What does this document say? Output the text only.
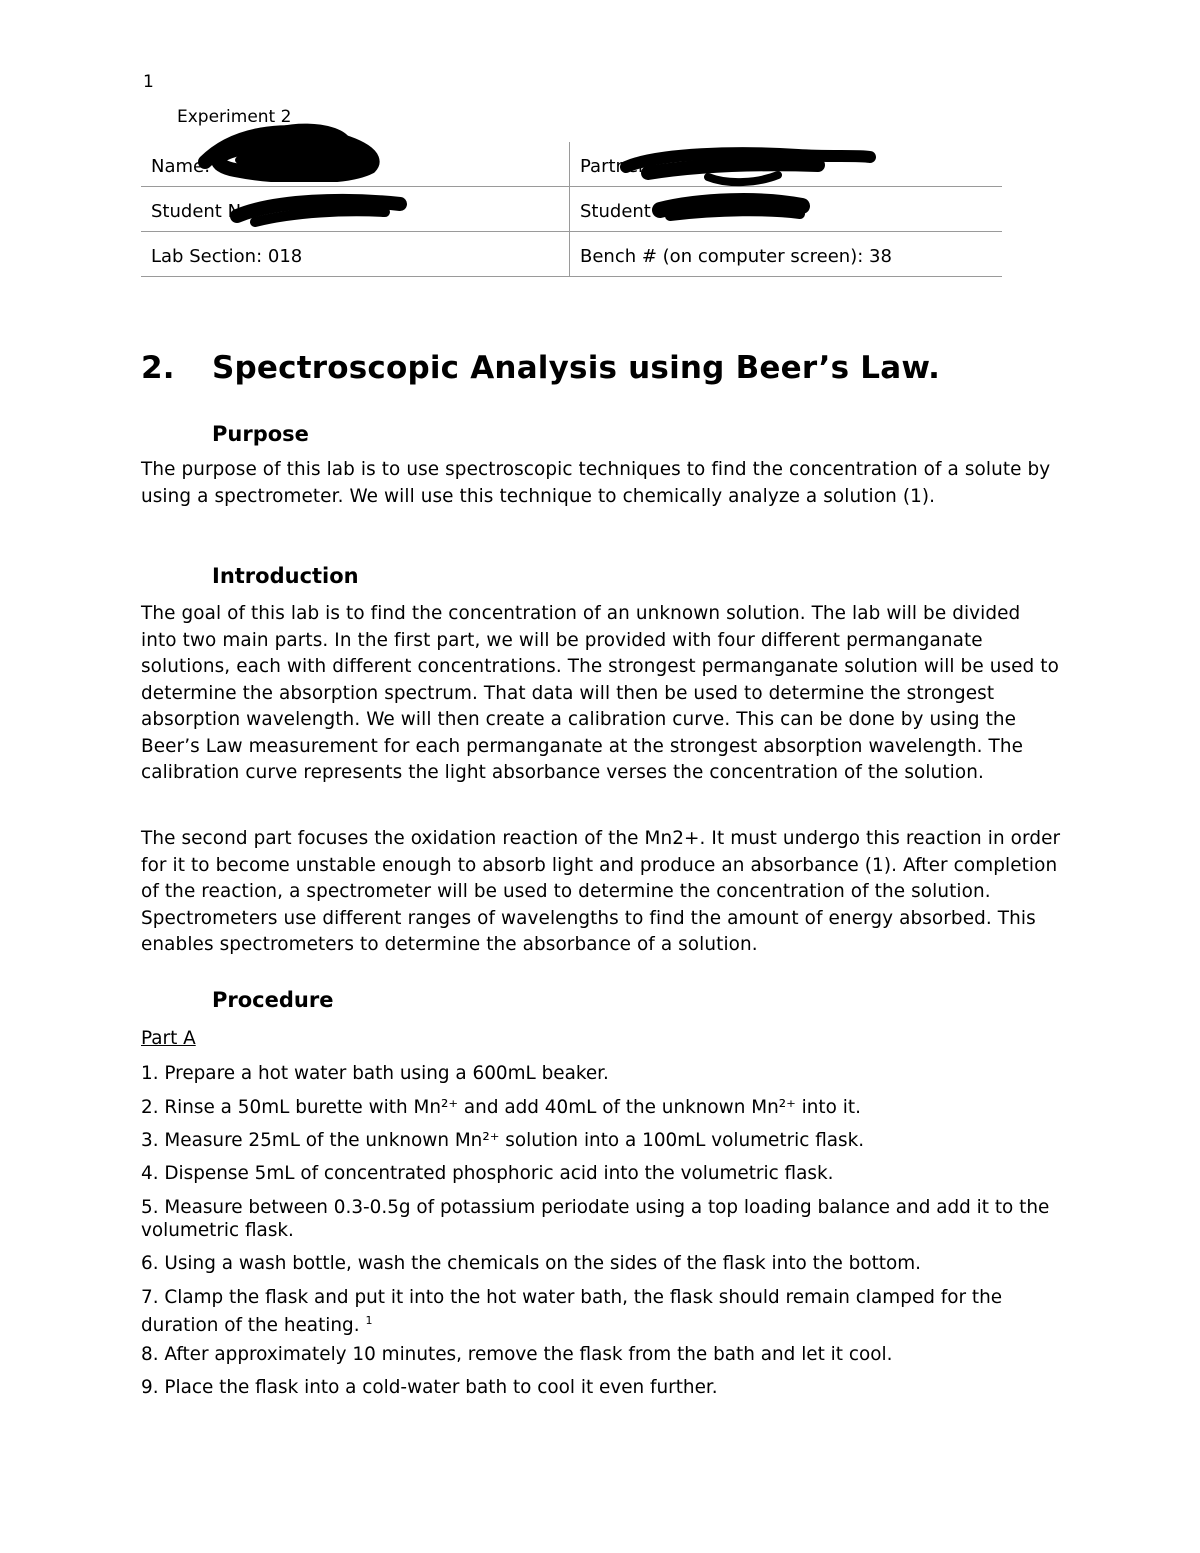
1
Experiment 2
Name:	Partner:
Student No:	Student No:
Lab Section: 018	Bench # (on computer screen): 38
2. Spectroscopic Analysis using Beer’s Law.
Purpose

The purpose of this lab is to use spectroscopic techniques to find the concentration of a solute by using a spectrometer. We will use this technique to chemically analyze a solution (1).

Introduction

The goal of this lab is to find the concentration of an unknown solution. The lab will be divided into two main parts. In the first part, we will be provided with four different permanganate solutions, each with different concentrations. The strongest permanganate solution will be used to determine the absorption spectrum. That data will then be used to determine the strongest absorption wavelength. We will then create a calibration curve. This can be done by using the Beer’s Law measurement for each permanganate at the strongest absorption wavelength. The calibration curve represents the light absorbance verses the concentration of the solution.

The second part focuses the oxidation reaction of the Mn2+. It must undergo this reaction in order for it to become unstable enough to absorb light and produce an absorbance (1). After completion of the reaction, a spectrometer will be used to determine the concentration of the solution. Spectrometers use different ranges of wavelengths to find the amount of energy absorbed. This enables spectrometers to determine the absorbance of a solution.

Procedure
Part A

1. Prepare a hot water bath using a 600mL beaker.

2. Rinse a 50mL burette with Mn²⁺ and add 40mL of the unknown Mn²⁺ into it.

3. Measure 25mL of the unknown Mn²⁺ solution into a 100mL volumetric flask.

4. Dispense 5mL of concentrated phosphoric acid into the volumetric flask.

5. Measure between 0.3-0.5g of potassium periodate using a top loading balance and add it to the volumetric flask.

6. Using a wash bottle, wash the chemicals on the sides of the flask into the bottom.

7. Clamp the flask and put it into the hot water bath, the flask should remain clamped for the duration of the heating. $^1$

8. After approximately 10 minutes, remove the flask from the bath and let it cool.

9. Place the flask into a cold-water bath to cool it even further.
